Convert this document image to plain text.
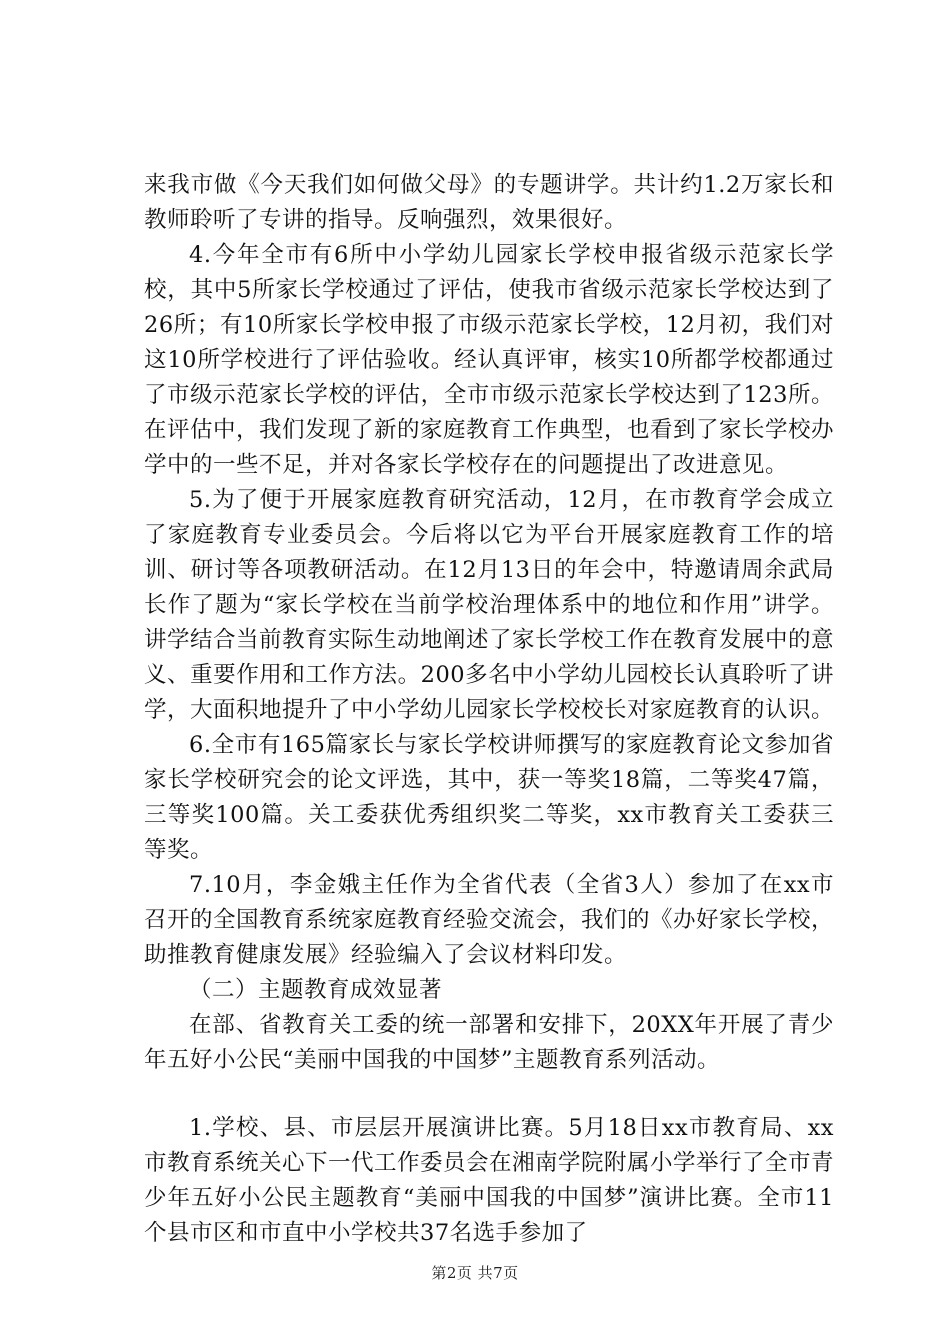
来我市做《今天我们如何做父母》的专题讲学。共计约1.2万家长和教师聆听了专讲的指导。反响强烈，效果很好。

4.今年全市有6所中小学幼儿园家长学校申报省级示范家长学校，其中5所家长学校通过了评估，使我市省级示范家长学校达到了26所；有10所家长学校申报了市级示范家长学校，12月初，我们对这10所学校进行了评估验收。经认真评审，核实10所都学校都通过了市级示范家长学校的评估，全市市级示范家长学校达到了123所。在评估中，我们发现了新的家庭教育工作典型，也看到了家长学校办学中的一些不足，并对各家长学校存在的问题提出了改进意见。

5.为了便于开展家庭教育研究活动，12月，在市教育学会成立了家庭教育专业委员会。今后将以它为平台开展家庭教育工作的培训、研讨等各项教研活动。在12月13日的年会中，特邀请周余武局长作了题为“家长学校在当前学校治理体系中的地位和作用”讲学。讲学结合当前教育实际生动地阐述了家长学校工作在教育发展中的意义、重要作用和工作方法。200多名中小学幼儿园校长认真聆听了讲学，大面积地提升了中小学幼儿园家长学校校长对家庭教育的认识。

6.全市有165篇家长与家长学校讲师撰写的家庭教育论文参加省家长学校研究会的论文评选，其中，获一等奖18篇，二等奖47篇，三等奖100篇。关工委获优秀组织奖二等奖，xx市教育关工委获三等奖。

7.10月，李金娥主任作为全省代表（全省3人）参加了在xx市召开的全国教育系统家庭教育经验交流会，我们的《办好家长学校，助推教育健康发展》经验编入了会议材料印发。

（二）主题教育成效显著

在部、省教育关工委的统一部署和安排下，20XX年开展了青少年五好小公民“美丽中国我的中国梦”主题教育系列活动。

1.学校、县、市层层开展演讲比赛。5月18日xx市教育局、xx市教育系统关心下一代工作委员会在湘南学院附属小学举行了全市青少年五好小公民主题教育“美丽中国我的中国梦”演讲比赛。全市11个县市区和市直中小学校共37名选手参加了

第2页 共7页
